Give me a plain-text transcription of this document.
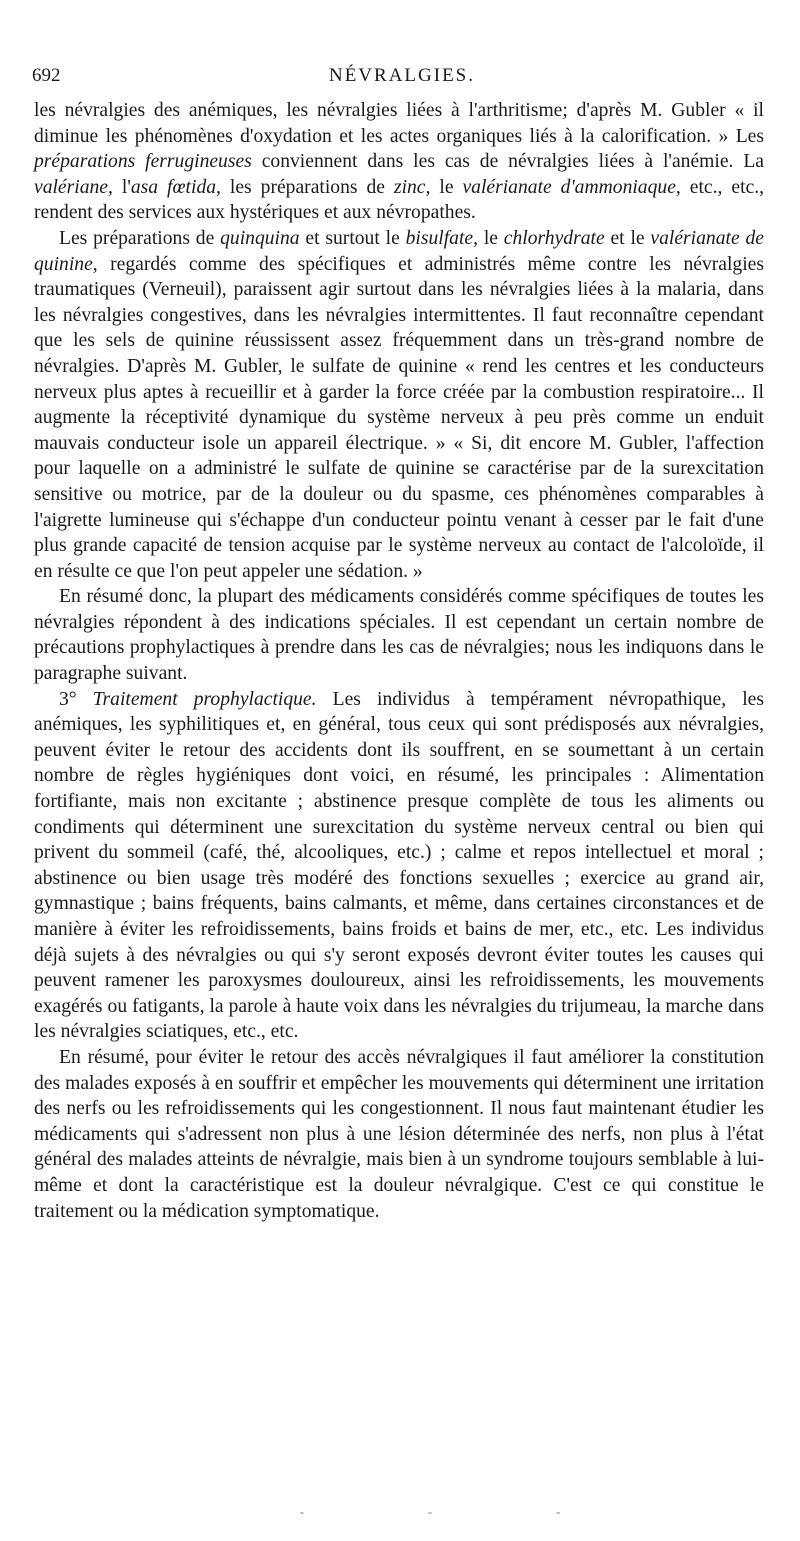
692	NÉVRALGIES.

les névralgies des anémiques, les névralgies liées à l'arthritisme; d'après M. Gubler « il diminue les phénomènes d'oxydation et les actes organiques liés à la calorification. » Les préparations ferrugineuses conviennent dans les cas de névralgies liées à l'anémie. La valériane, l'asa fœtida, les préparations de zinc, le valérianate d'ammoniaque, etc., etc., rendent des services aux hystériques et aux névropathes.

Les préparations de quinquina et surtout le bisulfate, le chlorhydrate et le valérianate de quinine, regardés comme des spécifiques et administrés même contre les névralgies traumatiques (Verneuil), paraissent agir surtout dans les névralgies liées à la malaria, dans les névralgies congestives, dans les névralgies intermittentes. Il faut reconnaître cependant que les sels de quinine réussissent assez fréquemment dans un très-grand nombre de névralgies. D'après M. Gubler, le sulfate de quinine « rend les centres et les conducteurs nerveux plus aptes à recueillir et à garder la force créée par la combustion respiratoire... Il augmente la réceptivité dynamique du système nerveux à peu près comme un enduit mauvais conducteur isole un appareil électrique. » « Si, dit encore M. Gubler, l'affection pour laquelle on a administré le sulfate de quinine se caractérise par de la surexcitation sensitive ou motrice, par de la douleur ou du spasme, ces phénomènes comparables à l'aigrette lumineuse qui s'échappe d'un conducteur pointu venant à cesser par le fait d'une plus grande capacité de tension acquise par le système nerveux au contact de l'alcoloïde, il en résulte ce que l'on peut appeler une sédation. »

En résumé donc, la plupart des médicaments considérés comme spécifiques de toutes les névralgies répondent à des indications spéciales. Il est cependant un certain nombre de précautions prophylactiques à prendre dans les cas de névralgies; nous les indiquons dans le paragraphe suivant.

3° Traitement prophylactique. Les individus à tempérament névropathique, les anémiques, les syphilitiques et, en général, tous ceux qui sont prédisposés aux névralgies, peuvent éviter le retour des accidents dont ils souffrent, en se soumettant à un certain nombre de règles hygiéniques dont voici, en résumé, les principales : Alimentation fortifiante, mais non excitante ; abstinence presque complète de tous les aliments ou condiments qui déterminent une surexcitation du système nerveux central ou bien qui privent du sommeil (café, thé, alcooliques, etc.) ; calme et repos intellectuel et moral ; abstinence ou bien usage très modéré des fonctions sexuelles ; exercice au grand air, gymnastique ; bains fréquents, bains calmants, et même, dans certaines circonstances et de manière à éviter les refroidissements, bains froids et bains de mer, etc., etc. Les individus déjà sujets à des névralgies ou qui s'y seront exposés devront éviter toutes les causes qui peuvent ramener les paroxysmes douloureux, ainsi les refroidissements, les mouvements exagérés ou fatigants, la parole à haute voix dans les névralgies du trijumeau, la marche dans les névralgies sciatiques, etc., etc.

En résumé, pour éviter le retour des accès névralgiques il faut améliorer la constitution des malades exposés à en souffrir et empêcher les mouvements qui déterminent une irritation des nerfs ou les refroidissements qui les congestionnent. Il nous faut maintenant étudier les médicaments qui s'adressent non plus à une lésion déterminée des nerfs, non plus à l'état général des malades atteints de névralgie, mais bien à un syndrome toujours semblable à lui-même et dont la caractéristique est la douleur névralgique. C'est ce qui constitue le traitement ou la médication symptomatique.

- - -
